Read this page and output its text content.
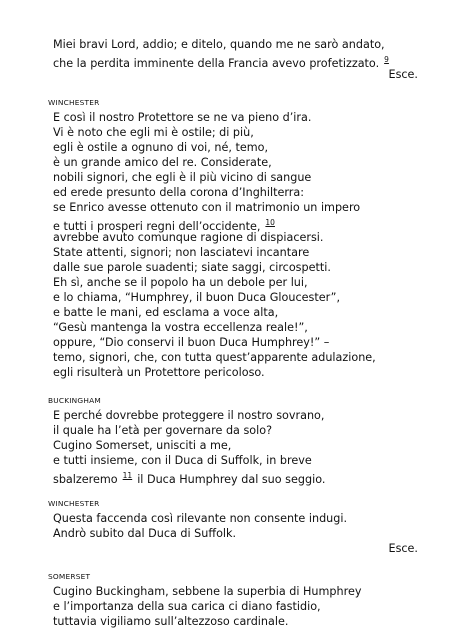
Miei bravi Lord, addio; e ditelo, quando me ne sarò andato,
che la perdita imminente della Francia avevo profetizzato. $^9$
Esce.
WINCHESTER
E così il nostro Protettore se ne va pieno d’ira.
Vi è noto che egli mi è ostile; di più,
egli è ostile a ognuno di voi, né, temo,
è un grande amico del re. Considerate,
nobili signori, che egli è il più vicino di sangue
ed erede presunto della corona d’Inghilterra:
se Enrico avesse ottenuto con il matrimonio un impero
e tutti i prosperi regni dell’occidente, $^{10}$
avrebbe avuto comunque ragione di dispiacersi.
State attenti, signori; non lasciatevi incantare
dalle sue parole suadenti; siate saggi, circospetti.
Eh sì, anche se il popolo ha un debole per lui,
e lo chiama, “Humphrey, il buon Duca Gloucester”,
e batte le mani, ed esclama a voce alta,
“Gesù mantenga la vostra eccellenza reale!”,
oppure, “Dio conservi il buon Duca Humphrey!” –
temo, signori, che, con tutta quest’apparente adulazione,
egli risulterà un Protettore pericoloso.
BUCKINGHAM
E perché dovrebbe proteggere il nostro sovrano,
il quale ha l’età per governare da solo?
Cugino Somerset, unisciti a me,
e tutti insieme, con il Duca di Suffolk, in breve
sbalzeremo $^{11}$ il Duca Humphrey dal suo seggio.
WINCHESTER
Questa faccenda così rilevante non consente indugi.
Andrò subito dal Duca di Suffolk.
Esce.
SOMERSET
Cugino Buckingham, sebbene la superbia di Humphrey
e l’importanza della sua carica ci diano fastidio,
tuttavia vigiliamo sull’altezzoso cardinale.
